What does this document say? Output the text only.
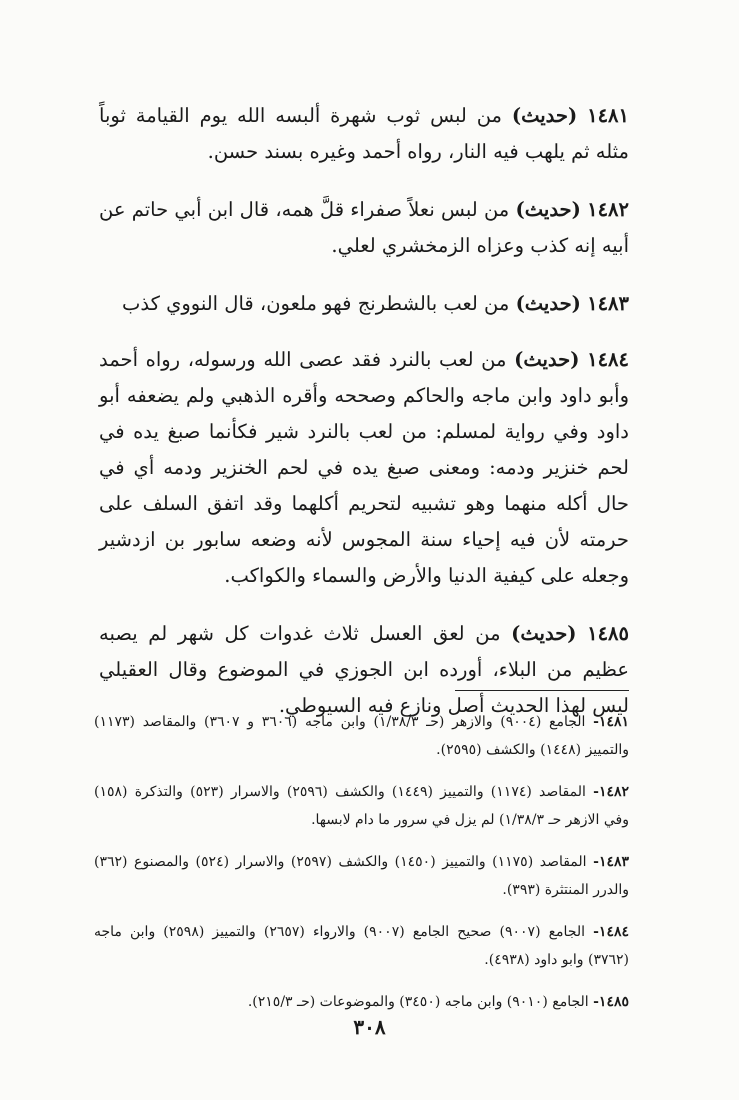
١٤٨١ (حديث) من لبس ثوب شهرة ألبسه الله يوم القيامة ثوباً مثله ثم يلهب فيه النار، رواه أحمد وغيره بسند حسن.

١٤٨٢ (حديث) من لبس نعلاً صفراء قلَّ همه، قال ابن أبي حاتم عن أبيه إنه كذب وعزاه الزمخشري لعلي.

١٤٨٣ (حديث) من لعب بالشطرنج فهو ملعون، قال النووي كذب

١٤٨٤ (حديث) من لعب بالنرد فقد عصى الله ورسوله، رواه أحمد وأبو داود وابن ماجه والحاكم وصححه وأقره الذهبي ولم يضعفه أبو داود وفي رواية لمسلم: من لعب بالنرد شير فكأنما صبغ يده في لحم خنزير ودمه: ومعنى صبغ يده في لحم الخنزير ودمه أي في حال أكله منهما وهو تشبيه لتحريم أكلهما وقد اتفق السلف على حرمته لأن فيه إحياء سنة المجوس لأنه وضعه سابور بن ازدشير وجعله على كيفية الدنيا والأرض والسماء والكواكب.

١٤٨٥ (حديث) من لعق العسل ثلاث غدوات كل شهر لم يصبه عظيم من البلاء، أورده ابن الجوزي في الموضوع وقال العقيلي ليس لهذا الحديث أصل ونازع فيه السيوطي.

١٤٨١- الجامع (٩٠٠٤) والازهر (حـ ١/٣٨/٣) وابن ماجه (٣٦٠٦ و ٣٦٠٧) والمقاصد (١١٧٣) والتمييز (١٤٤٨) والكشف (٢٥٩٥).

١٤٨٢- المقاصد (١١٧٤) والتمييز (١٤٤٩) والكشف (٢٥٩٦) والاسرار (٥٢٣) والتذكرة (١٥٨) وفي الازهر حـ ١/٣٨/٣) لم يزل في سرور ما دام لابسها.

١٤٨٣- المقاصد (١١٧٥) والتمييز (١٤٥٠) والكشف (٢٥٩٧) والاسرار (٥٢٤) والمصنوع (٣٦٢) والدرر المنتثرة (٣٩٣).

١٤٨٤- الجامع (٩٠٠٧) صحيح الجامع (٩٠٠٧) والارواء (٢٦٥٧) والتمييز (٢٥٩٨) وابن ماجه (٣٧٦٢) وابو داود (٤٩٣٨).

١٤٨٥- الجامع (٩٠١٠) وابن ماجه (٣٤٥٠) والموضوعات (حـ ٢١٥/٣).

٣٠٨
